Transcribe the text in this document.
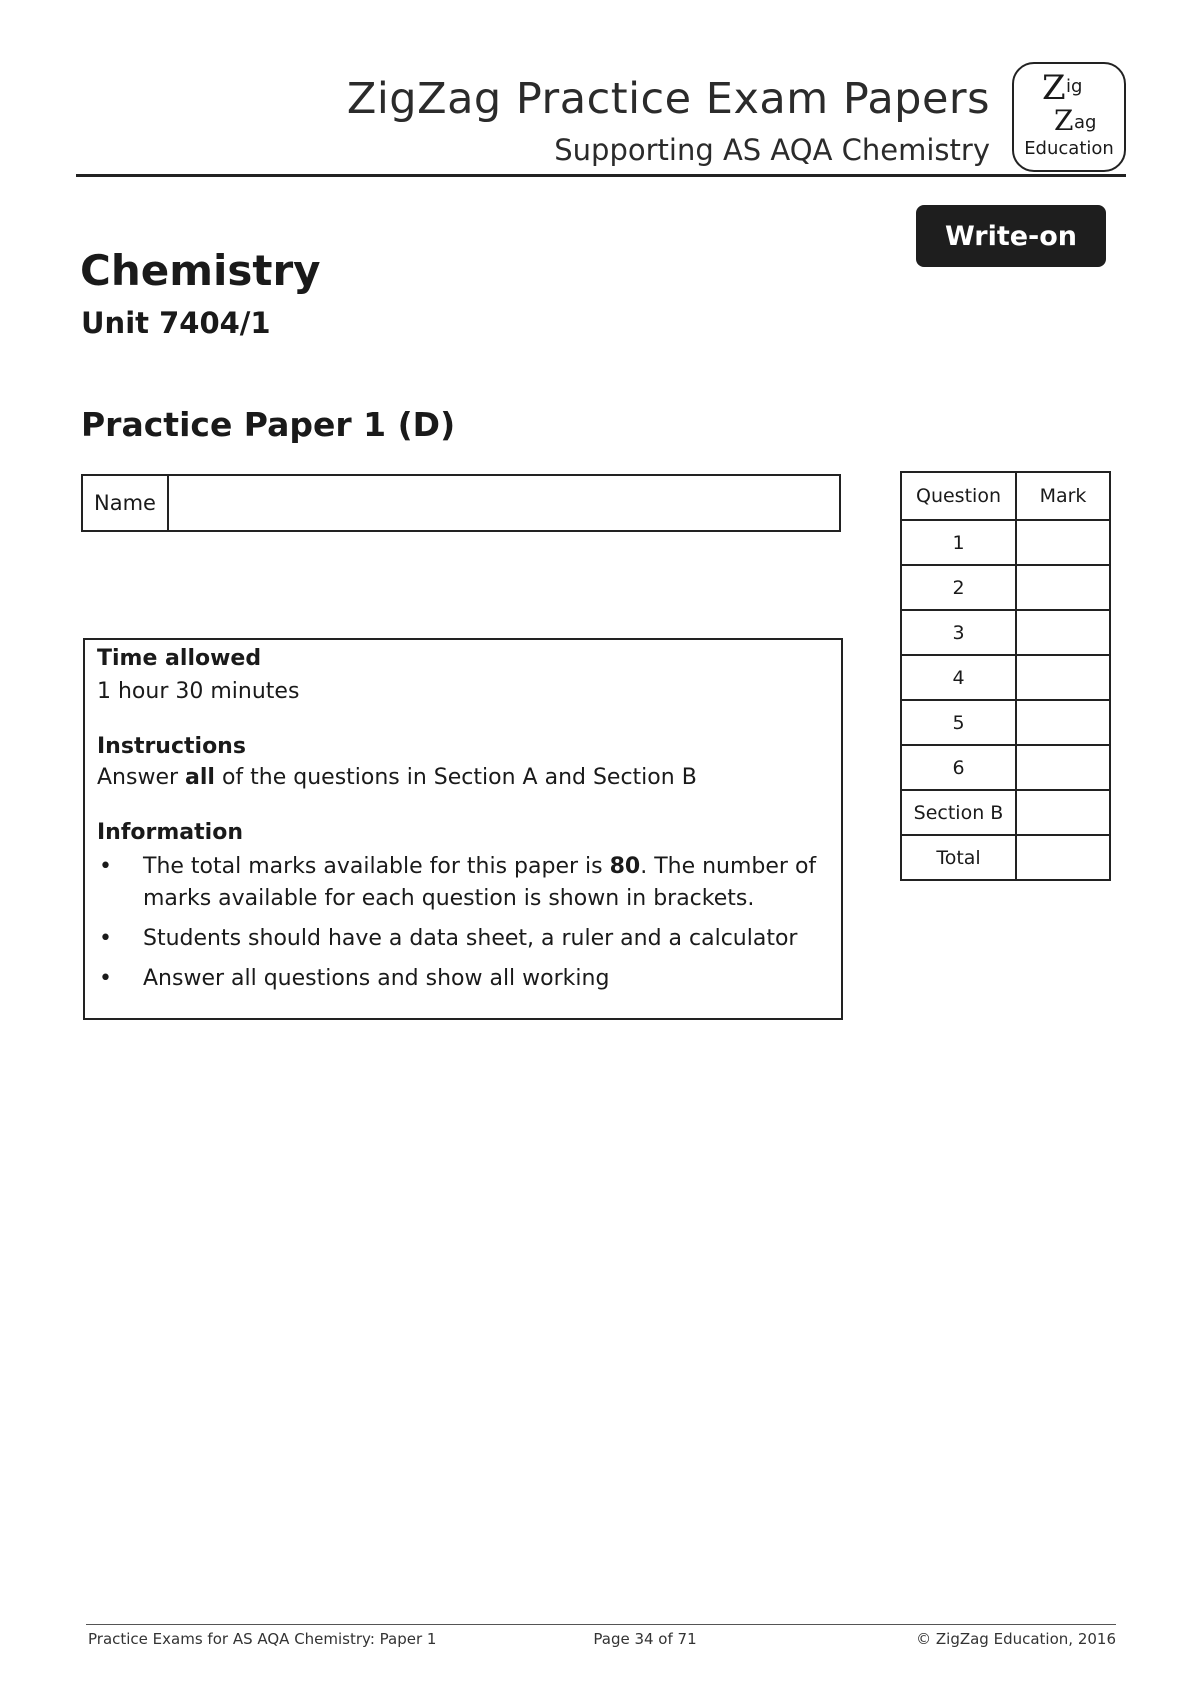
ZigZag Practice Exam Papers
Supporting AS AQA Chemistry
Z ig
Z ag
Education
Write-on
Chemistry
Unit 7404/1
Practice Paper 1 (D)
Name

Time allowed

1 hour 30 minutes

Instructions

Answer all of the questions in Section A and Section B

Information

• The total marks available for this paper is 80. The number of marks available for each question is shown in brackets.
• Students should have a data sheet, a ruler and a calculator
• Answer all questions and show all working
Question	Mark
1	
2	
3	
4	
5	
6	
Section B	
Total	
Practice Exams for AS AQA Chemistry: Paper 1	Page 34 of 71	© ZigZag Education, 2016
